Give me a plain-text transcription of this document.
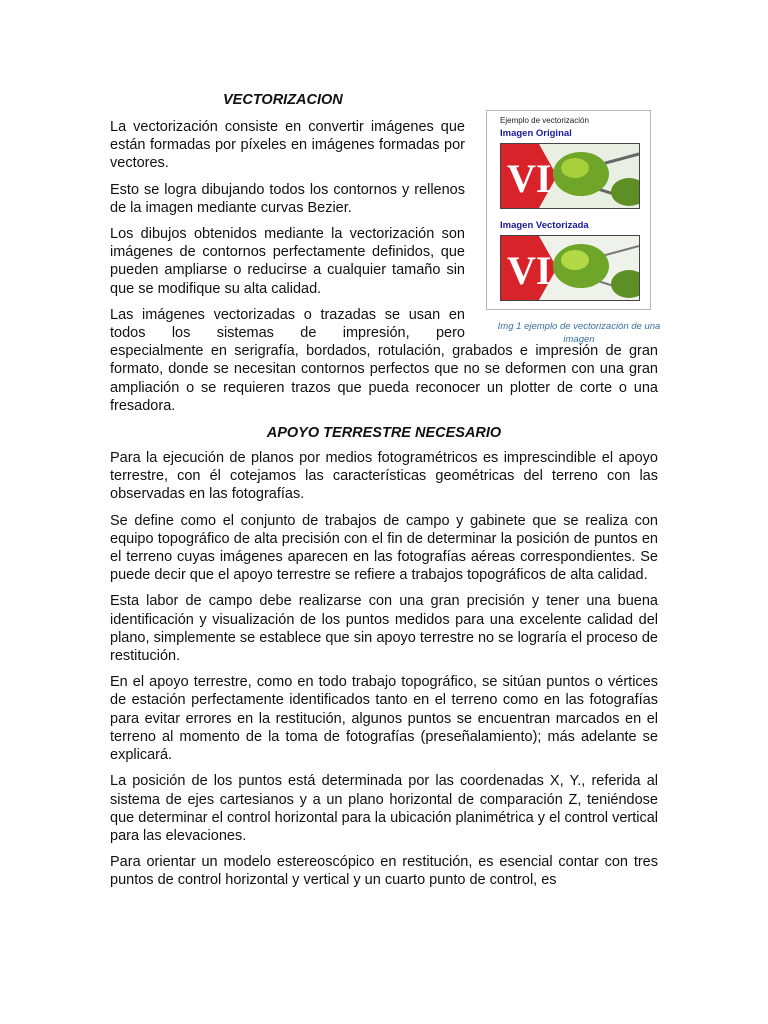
VECTORIZACION
Ejemplo de vectorización
Imagen Original
VI
Imagen Vectorizada
VI
Img 1 ejemplo de vectorización de una imagen

La vectorización consiste en convertir imágenes que están formadas por píxeles en imágenes formadas por vectores.

Esto se logra dibujando todos los contornos y rellenos de la imagen mediante curvas Bezier.

Los dibujos obtenidos mediante la vectorización son imágenes de contornos perfectamente definidos, que pueden ampliarse o reducirse a cualquier tamaño sin que se modifique su alta calidad.

Las imágenes vectorizadas o trazadas se usan en todos los sistemas de impresión, pero
especialmente en serigrafía, bordados, rotulación, grabados e impresión de gran formato, donde se necesitan contornos perfectos que no se deformen con una gran ampliación o se requieren trazos que pueda reconocer un plotter de corte o una fresadora.

APOYO TERRESTRE NECESARIO

Para la ejecución de planos por medios fotogramétricos es imprescindible el apoyo terrestre, con él cotejamos las características geométricas del terreno con las observadas en las fotografías.

Se define como el conjunto de trabajos de campo y gabinete que se realiza con equipo topográfico de alta precisión con el fin de determinar la posición de puntos en el terreno cuyas imágenes aparecen en las fotografías aéreas correspondientes. Se puede decir que el apoyo terrestre se refiere a trabajos topográficos de alta calidad.

Esta labor de campo debe realizarse con una gran precisión y tener una buena identificación y visualización de los puntos medidos para una excelente calidad del plano, simplemente se establece que sin apoyo terrestre no se lograría el proceso de restitución.

En el apoyo terrestre, como en todo trabajo topográfico, se sitúan puntos o vértices de estación perfectamente identificados tanto en el terreno como en las fotografías para evitar errores en la restitución, algunos puntos se encuentran marcados en el terreno al momento de la toma de fotografías (preseñalamiento); más adelante se explicará.

La posición de los puntos está determinada por las coordenadas X, Y., referida al sistema de ejes cartesianos y a un plano horizontal de comparación Z, teniéndose que determinar el control horizontal para la ubicación planimétrica y el control vertical para las elevaciones.

Para orientar un modelo estereoscópico en restitución, es esencial contar con tres puntos de control horizontal y vertical y un cuarto punto de control, es
